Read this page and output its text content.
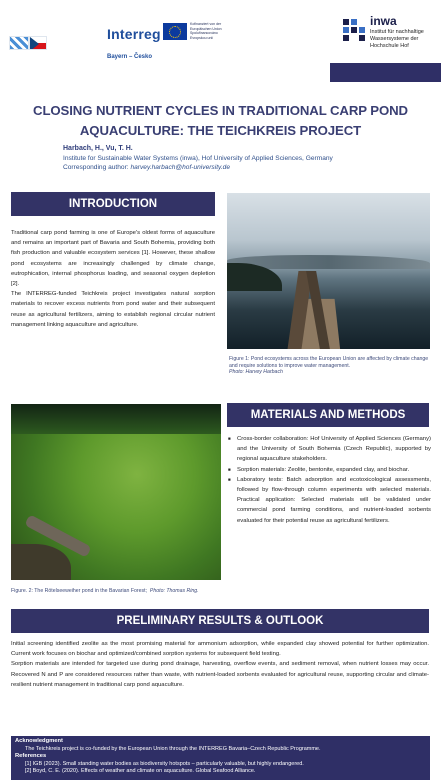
Interreg
Kofinanziert von der Europäischen Union Spolufinancováno Evropskou unií
Bayern – Česko
inwa
Institut für nachhaltige Wassersysteme der Hochschule Hof
CLOSING NUTRIENT CYCLES IN TRADITIONAL CARP POND AQUACULTURE: THE TEICHKREIS PROJECT
Harbach, H., Vu, T. H.
Institute for Sustainable Water Systems (inwa), Hof University of Applied Sciences, Germany
Corresponding author: harvey.harbach@hof-university.de
INTRODUCTION

Traditional carp pond farming is one of Europe's oldest forms of aquaculture and remains an important part of Bavaria and South Bohemia, providing both fish production and valuable ecosystem services [1]. However, these shallow pond ecosystems are increasingly challenged by climate change, eutrophication, internal phosphorus loading, and seasonal oxygen depletion [2].

The INTERREG-funded Teichkreis project investigates natural sorption materials to recover excess nutrients from pond water and their subsequent reuse as agricultural fertilizers, aiming to establish regional circular nutrient management linking aquaculture and agriculture.

Figure 1: Pond ecosystems across the European Union are affected by climate change and require solutions to improve water management.
Photo: Harvey Harbach
Figure. 2: The Rötelseeweiher pond in the Bavarian Forest; Photo: Thomas Ring.
MATERIALS AND METHODS
■ Cross-border collaboration: Hof University of Applied Sciences (Germany) and the University of South Bohemia (Czech Republic), supported by regional aquaculture stakeholders.
■ Sorption materials: Zeolite, bentonite, expanded clay, and biochar.
■ Laboratory tests: Batch adsorption and ecotoxicological assessments, followed by flow-through column experiments with selected materials. Practical application: Selected materials will be validated under commercial pond farming conditions, and nutrient-loaded sorbents evaluated for their potential reuse as agricultural fertilizers.
PRELIMINARY RESULTS & OUTLOOK

Initial screening identified zeolite as the most promising material for ammonium adsorption, while expanded clay showed potential for further optimization. Current work focuses on biochar and optimized/combined sorption systems for subsequent field testing.

Sorption materials are intended for targeted use during pond drainage, harvesting, overflow events, and sediment removal, when nutrient losses may occur. Recovered N and P are considered resources rather than waste, with nutrient-loaded sorbents evaluated for agricultural reuse, supporting circular and climate-resilient nutrient management in traditional carp pond aquaculture.

Acknowledgment
The Teichkreis project is co-funded by the European Union through the INTERREG Bavaria–Czech Republic Programme.
References
[1] IGB (2023). Small standing water bodies as biodiversity hotspots – particularly valuable, but highly endangered.
[2] Boyd, C. E. (2020). Effects of weather and climate on aquaculture. Global Seafood Alliance.
